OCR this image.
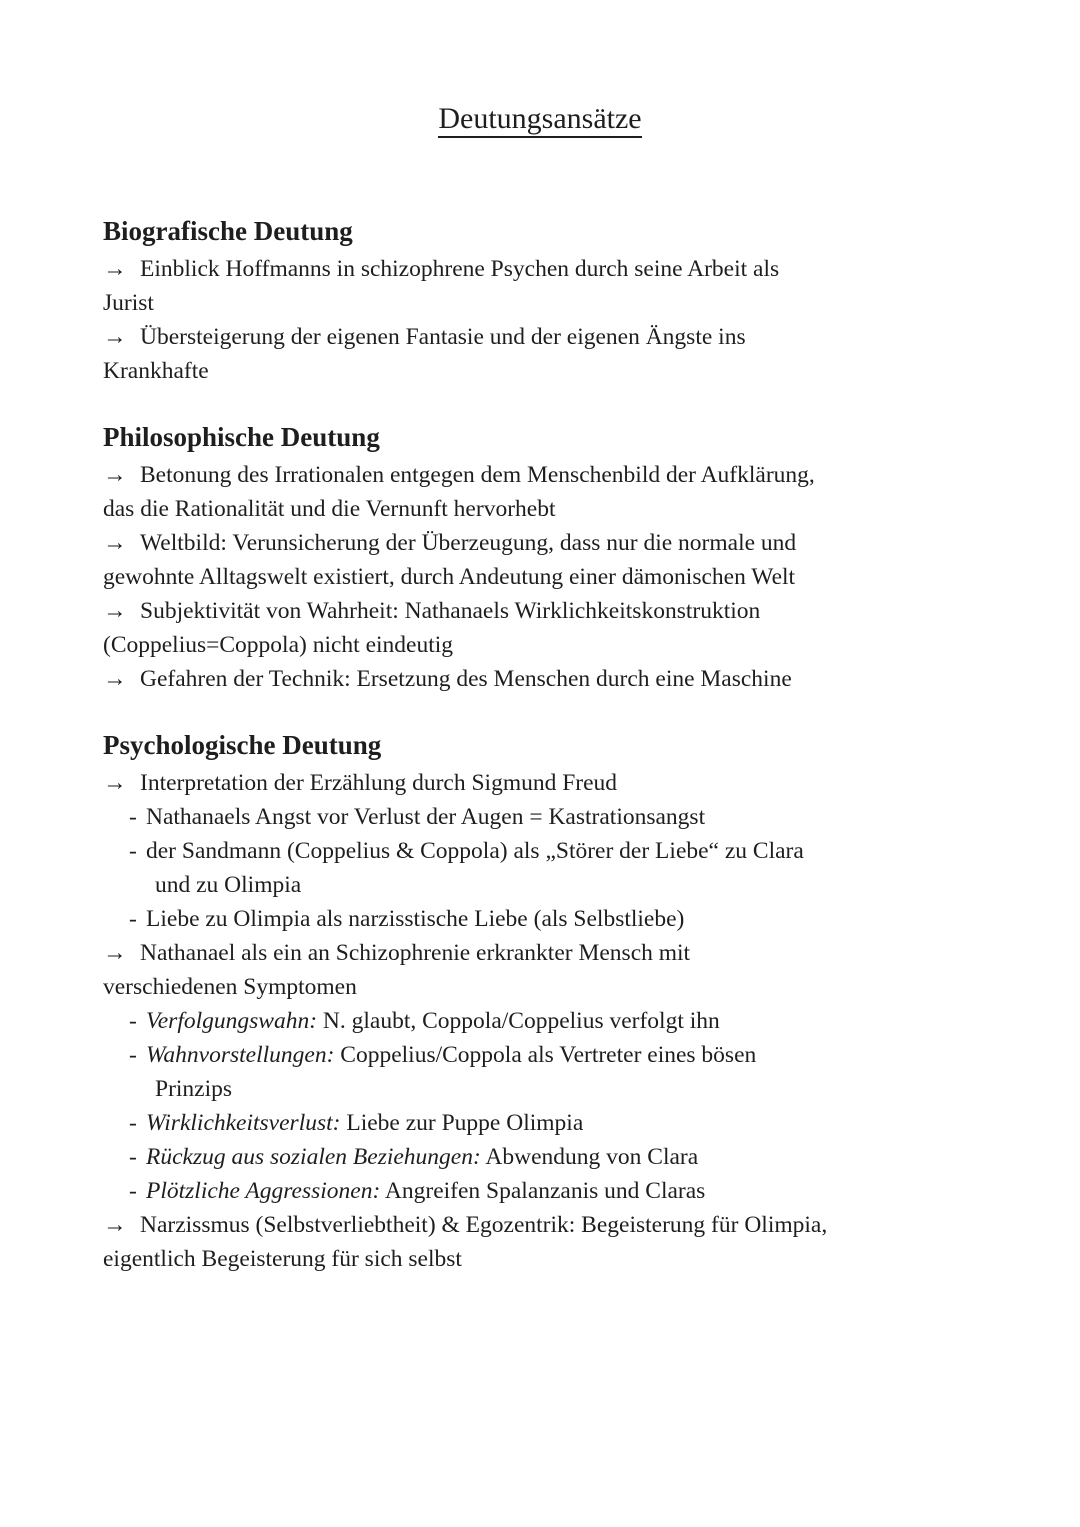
Deutungsansätze
Biografische Deutung
→ Einblick Hoffmanns in schizophrene Psychen durch seine Arbeit als
Jurist
→ Übersteigerung der eigenen Fantasie und der eigenen Ängste ins
Krankhafte
Philosophische Deutung
→ Betonung des Irrationalen entgegen dem Menschenbild der Aufklärung,
das die Rationalität und die Vernunft hervorhebt
→ Weltbild: Verunsicherung der Überzeugung, dass nur die normale und
gewohnte Alltagswelt existiert, durch Andeutung einer dämonischen Welt
→ Subjektivität von Wahrheit: Nathanaels Wirklichkeitskonstruktion
(Coppelius=Coppola) nicht eindeutig
→ Gefahren der Technik: Ersetzung des Menschen durch eine Maschine
Psychologische Deutung
→ Interpretation der Erzählung durch Sigmund Freud
- Nathanaels Angst vor Verlust der Augen = Kastrationsangst
- der Sandmann (Coppelius & Coppola) als „Störer der Liebe“ zu Clara
und zu Olimpia
- Liebe zu Olimpia als narzisstische Liebe (als Selbstliebe)
→ Nathanael als ein an Schizophrenie erkrankter Mensch mit
verschiedenen Symptomen
- Verfolgungswahn: N. glaubt, Coppola/Coppelius verfolgt ihn
- Wahnvorstellungen: Coppelius/Coppola als Vertreter eines bösen
Prinzips
- Wirklichkeitsverlust: Liebe zur Puppe Olimpia
- Rückzug aus sozialen Beziehungen: Abwendung von Clara
- Plötzliche Aggressionen: Angreifen Spalanzanis und Claras
→ Narzissmus (Selbstverliebtheit) & Egozentrik: Begeisterung für Olimpia,
eigentlich Begeisterung für sich selbst
